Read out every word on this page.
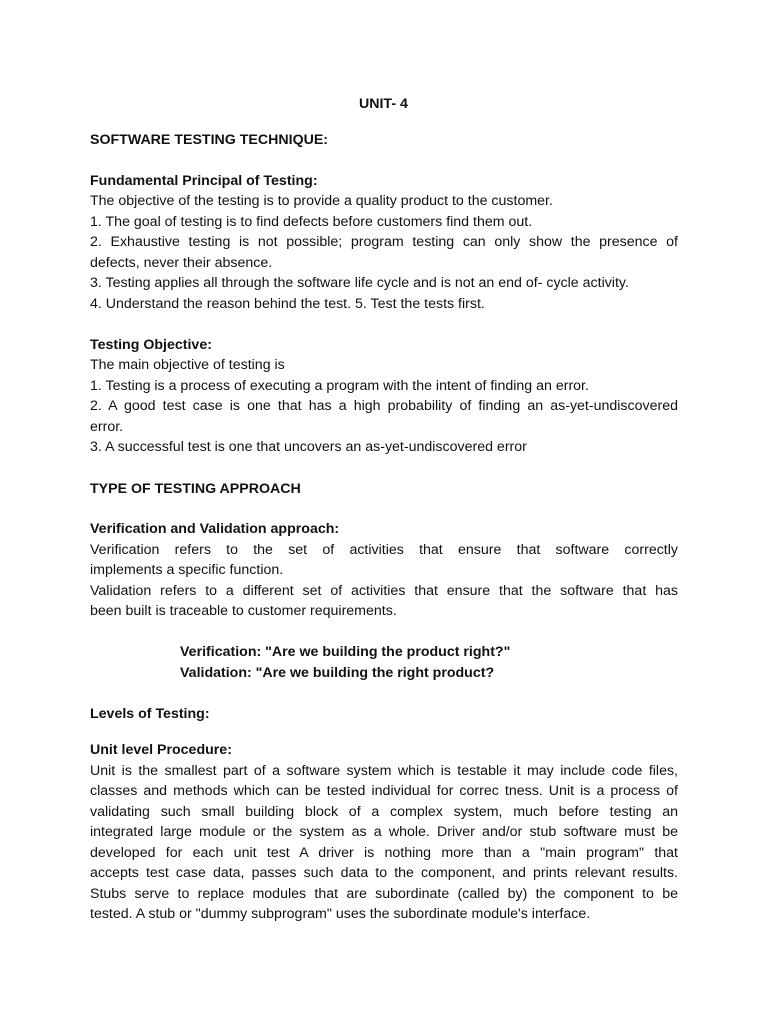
UNIT- 4
SOFTWARE TESTING TECHNIQUE:
Fundamental Principal of Testing:
The objective of the testing is to provide a quality product to the customer.
1. The goal of testing is to find defects before customers find them out.
2. Exhaustive testing is not possible; program testing can only show the presence of
defects, never their absence.
3. Testing applies all through the software life cycle and is not an end of- cycle activity.
4. Understand the reason behind the test. 5. Test the tests first.
Testing Objective:
The main objective of testing is
1. Testing is a process of executing a program with the intent of finding an error.
2. A good test case is one that has a high probability of finding an as-yet-undiscovered
error.
3. A successful test is one that uncovers an as-yet-undiscovered error
TYPE OF TESTING APPROACH
Verification and Validation approach:
Verification refers to the set of activities that ensure that software correctly
implements a specific function.
Validation refers to a different set of activities that ensure that the software that has
been built is traceable to customer requirements.
Verification: "Are we building the product right?"
Validation: "Are we building the right product?
Levels of Testing:
Unit level Procedure:
Unit is the smallest part of a software system which is testable it may include code files,
classes and methods which can be tested individual for correc tness. Unit is a process of
validating such small building block of a complex system, much before testing an
integrated large module or the system as a whole. Driver and/or stub software must be
developed for each unit test A driver is nothing more than a "main program" that
accepts test case data, passes such data to the component, and prints relevant results.
Stubs serve to replace modules that are subordinate (called by) the component to be
tested. A stub or "dummy subprogram" uses the subordinate module's interface.
